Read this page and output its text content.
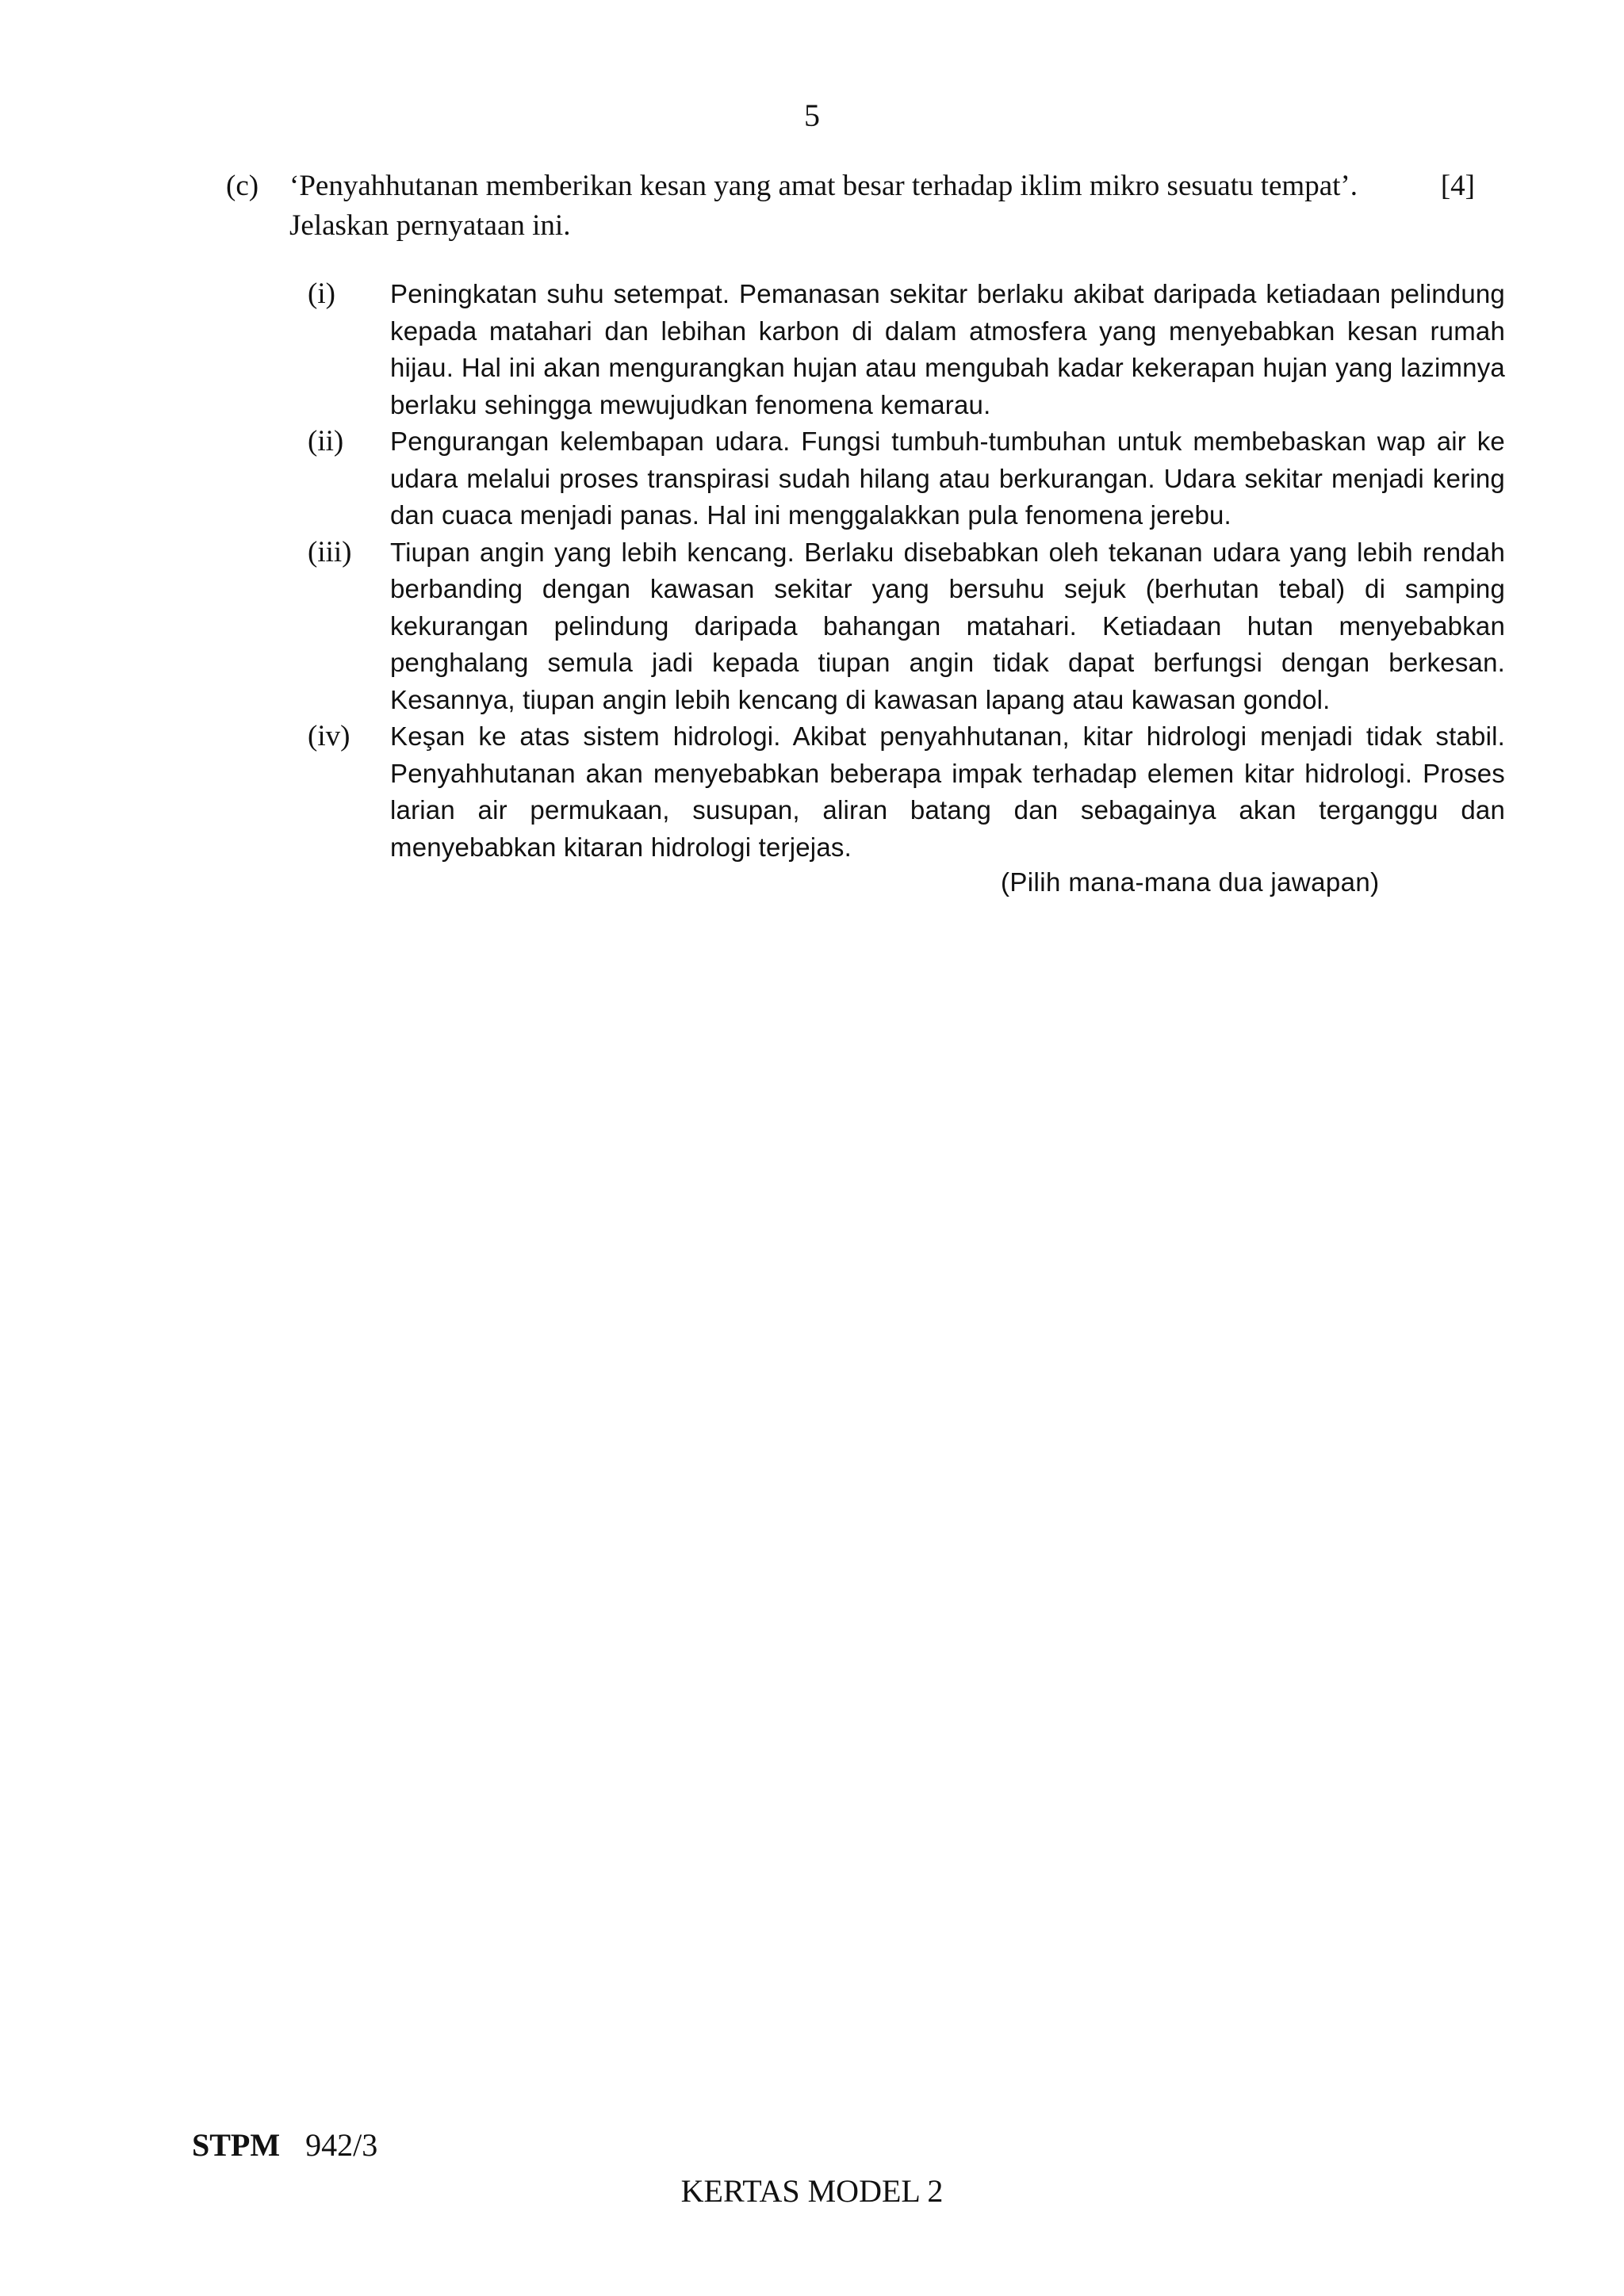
5
(c) ‘Penyahhutanan memberikan kesan yang amat besar terhadap iklim mikro sesuatu tempat’.
Jelaskan pernyataan ini.
[4]
(i) Peningkatan suhu setempat. Pemanasan sekitar berlaku akibat daripada ketiadaan pelindung kepada matahari dan lebihan karbon di dalam atmosfera yang menyebabkan kesan rumah hijau. Hal ini akan mengurangkan hujan atau mengubah kadar kekerapan hujan yang lazimnya berlaku sehingga mewujudkan fenomena kemarau.
(ii) Pengurangan kelembapan udara. Fungsi tumbuh-tumbuhan untuk membebaskan wap air ke udara melalui proses transpirasi sudah hilang atau berkurangan. Udara sekitar menjadi kering dan cuaca menjadi panas. Hal ini menggalakkan pula fenomena jerebu.
(iii) Tiupan angin yang lebih kencang. Berlaku disebabkan oleh tekanan udara yang lebih rendah berbanding dengan kawasan sekitar yang bersuhu sejuk (berhutan tebal) di samping kekurangan pelindung daripada bahangan matahari. Ketiadaan hutan menyebabkan penghalang semula jadi kepada tiupan angin tidak dapat berfungsi dengan berkesan. Kesannya, tiupan angin lebih kencang di kawasan lapang atau kawasan gondol.
(iv) Keşan ke atas sistem hidrologi. Akibat penyahhutanan, kitar hidrologi menjadi tidak stabil. Penyahhutanan akan menyebabkan beberapa impak terhadap elemen kitar hidrologi. Proses larian air permukaan, susupan, aliran batang dan sebagainya akan terganggu dan menyebabkan kitaran hidrologi terjejas.
(Pilih mana-mana dua jawapan)
STPM 942/3
KERTAS MODEL 2
